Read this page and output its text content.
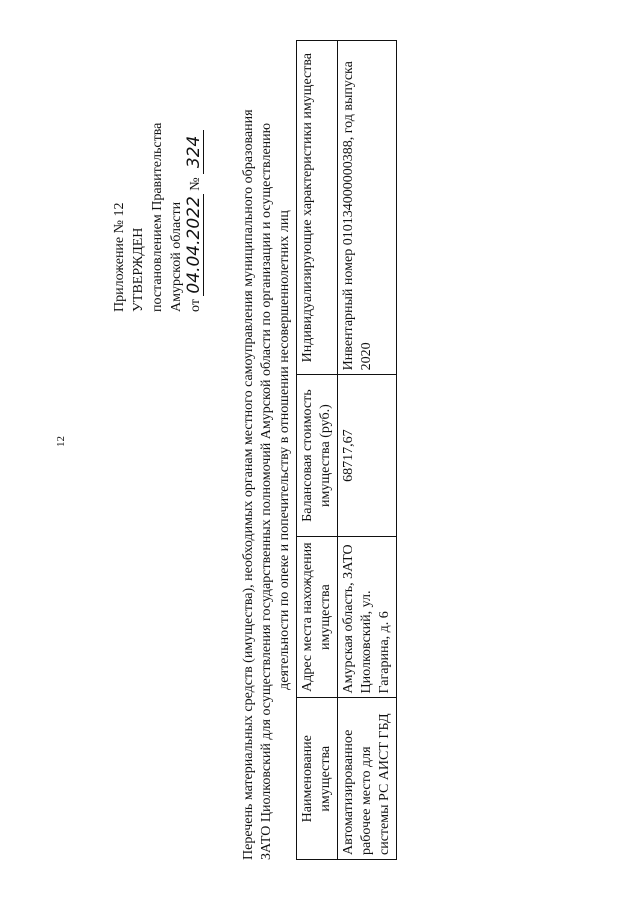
12
Приложение № 12 УТВЕРЖДЕН постановлением Правительства Амурской области от 04.04.2022 № 324	Перечень материальных средств (имущества), необходимых органам местного самоуправления муниципального образования ЗАТО Циолковский для осуществления государственных полномочий Амурской области по организации и осуществлению деятельности по опеке и попечительству в отношении несовершеннолетних лиц
Наименование имущества	Адрес места нахождения имущества	Балансовая стоимость имущества (руб.)	Индивидуализирующие характеристики имущества
Автоматизированное рабочее место для системы РС АИСТ ГБД	Амурская область, ЗАТО Циолковский, ул. Гагарина, д. 6	68717,67	Инвентарный номер 010134000000388, год выпуска 2020
